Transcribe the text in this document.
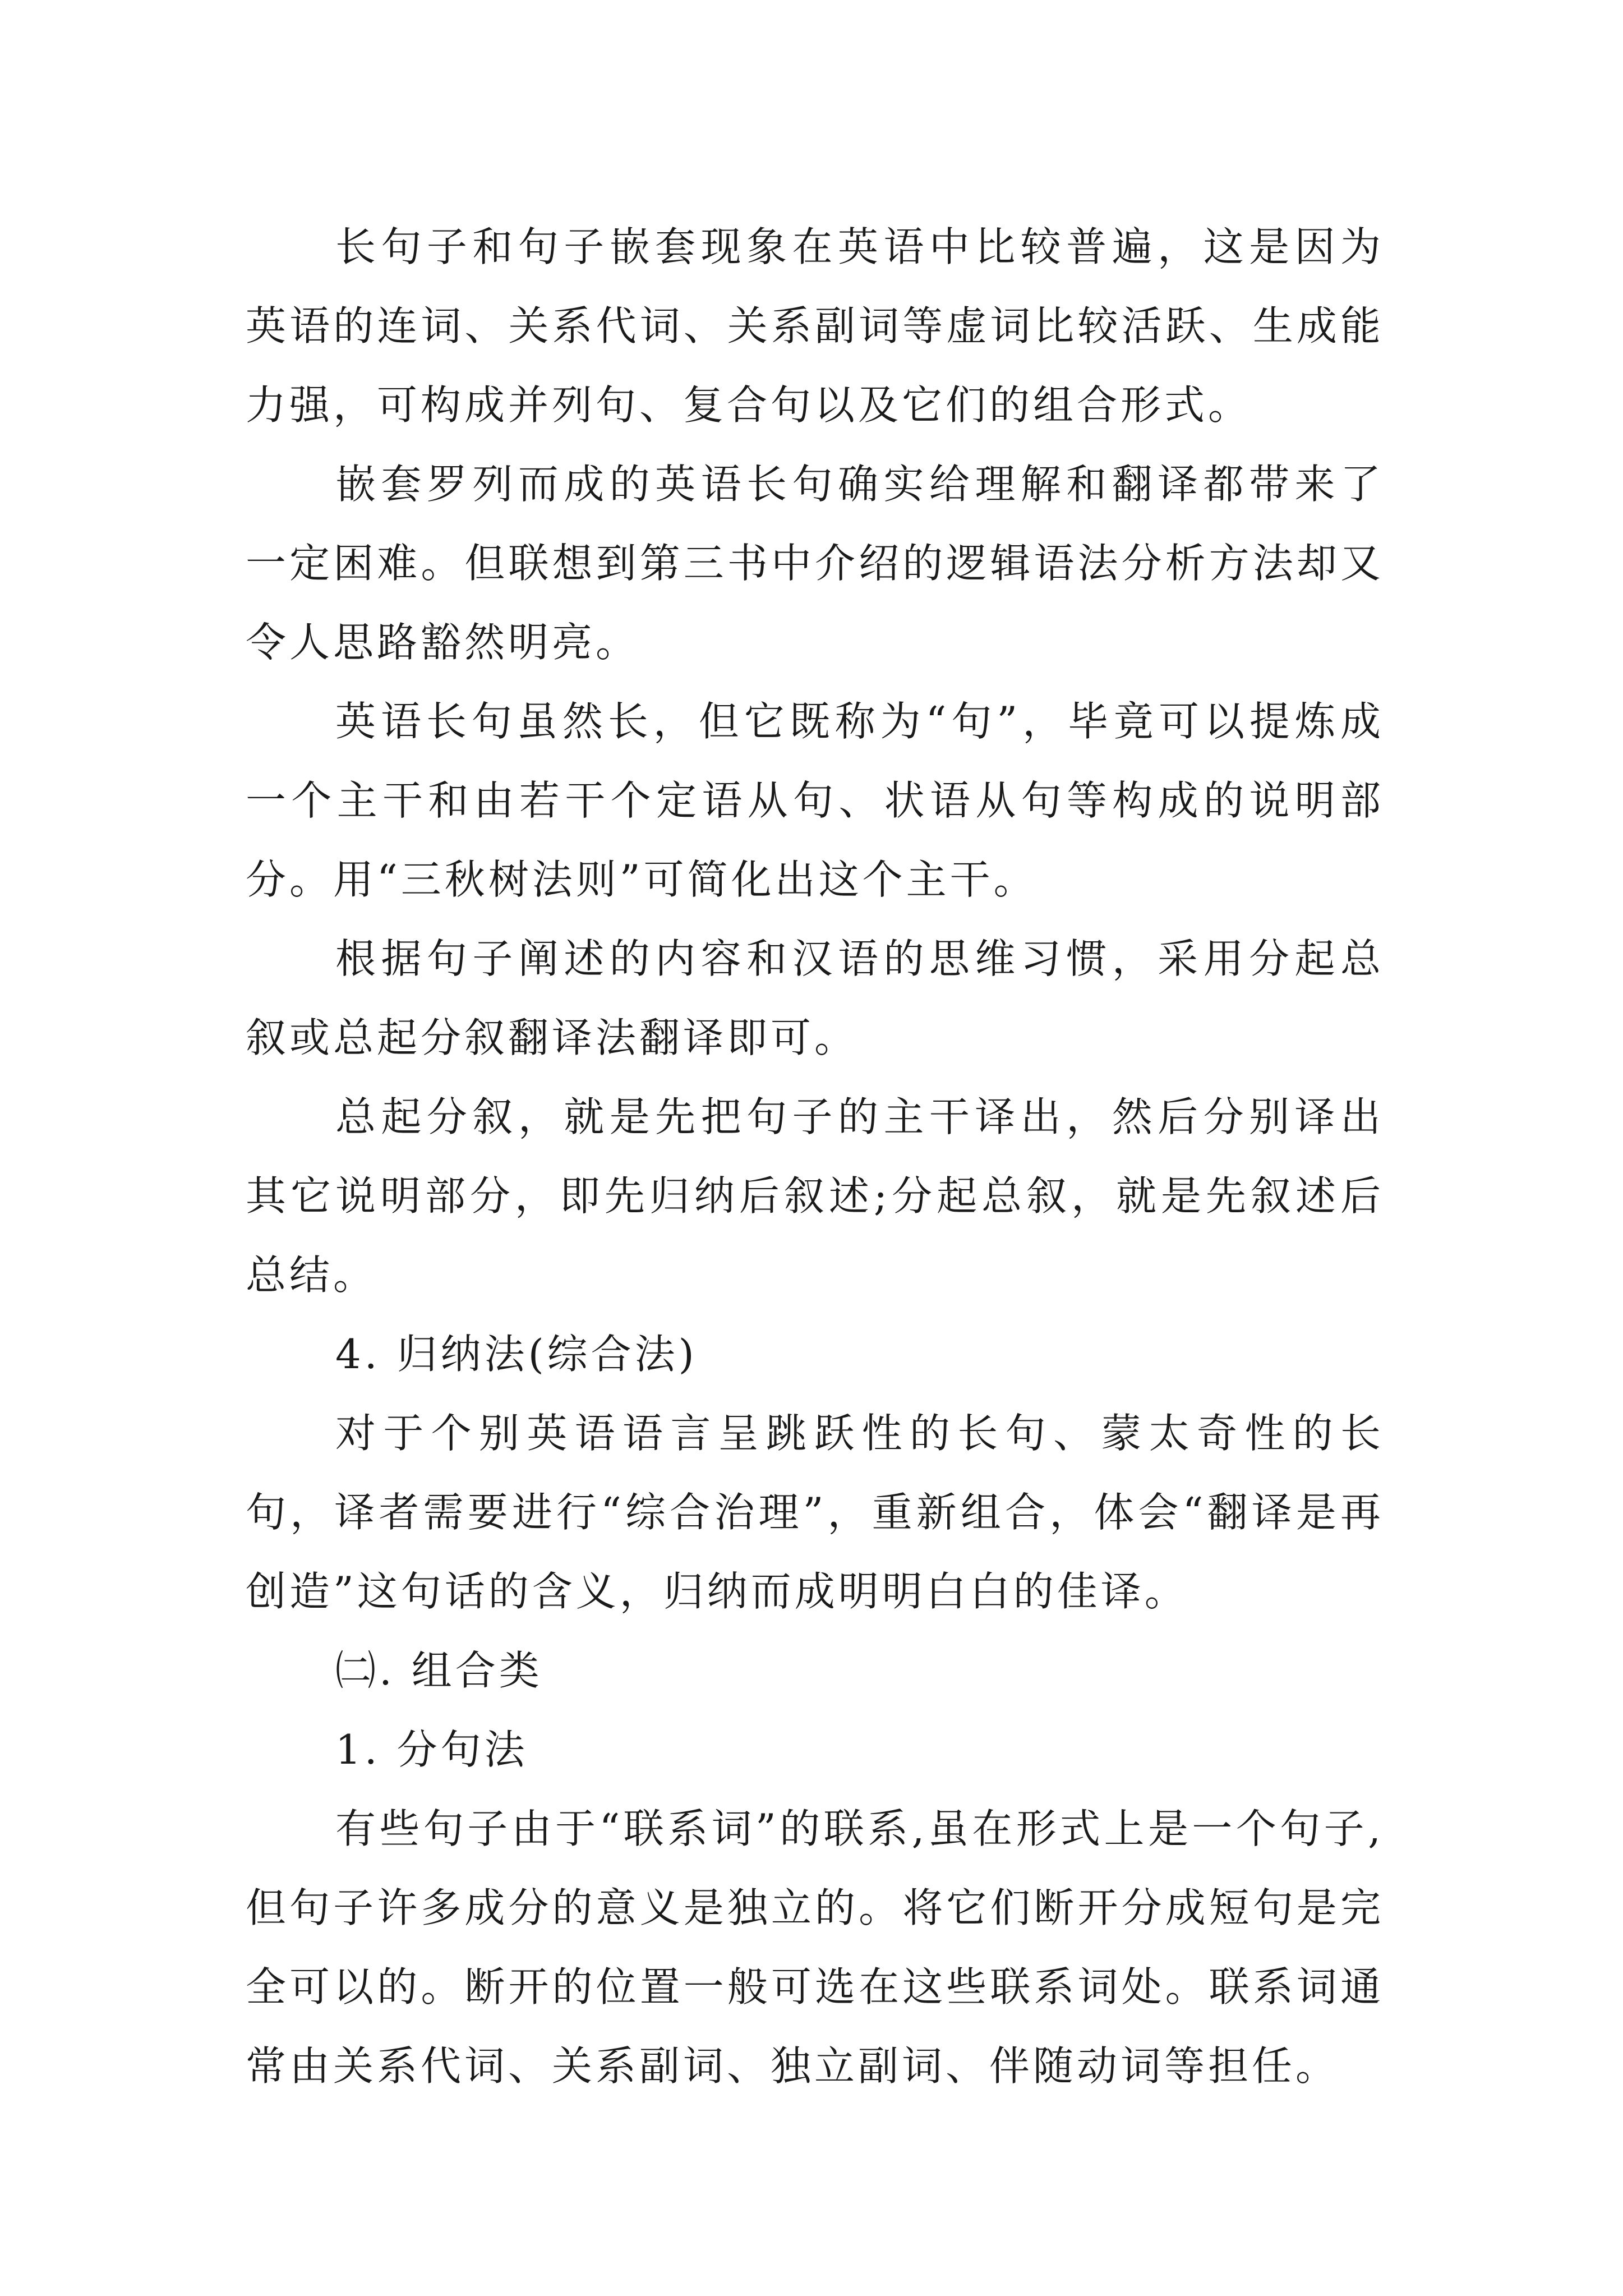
长句子和句子嵌套现象在英语中比较普遍，这是因为英语的连词、关系代词、关系副词等虚词比较活跃、生成能力强，可构成并列句、复合句以及它们的组合形式。

嵌套罗列而成的英语长句确实给理解和翻译都带来了一定困难。但联想到第三书中介绍的逻辑语法分析方法却又令人思路豁然明亮。

英语长句虽然长，但它既称为“句”，毕竟可以提炼成一个主干和由若干个定语从句、状语从句等构成的说明部分。用“三秋树法则”可简化出这个主干。

根据句子阐述的内容和汉语的思维习惯，采用分起总叙或总起分叙翻译法翻译即可。

总起分叙，就是先把句子的主干译出，然后分别译出其它说明部分，即先归纳后叙述;分起总叙，就是先叙述后总结。

4. 归纳法(综合法)

对于个别英语语言呈跳跃性的长句、蒙太奇性的长句，译者需要进行“综合治理”，重新组合，体会“翻译是再创造”这句话的含义，归纳而成明明白白的佳译。

㈡. 组合类

1. 分句法

有些句子由于“联系词”的联系,虽在形式上是一个句子,但句子许多成分的意义是独立的。将它们断开分成短句是完全可以的。断开的位置一般可选在这些联系词处。联系词通常由关系代词、关系副词、独立副词、伴随动词等担任。
